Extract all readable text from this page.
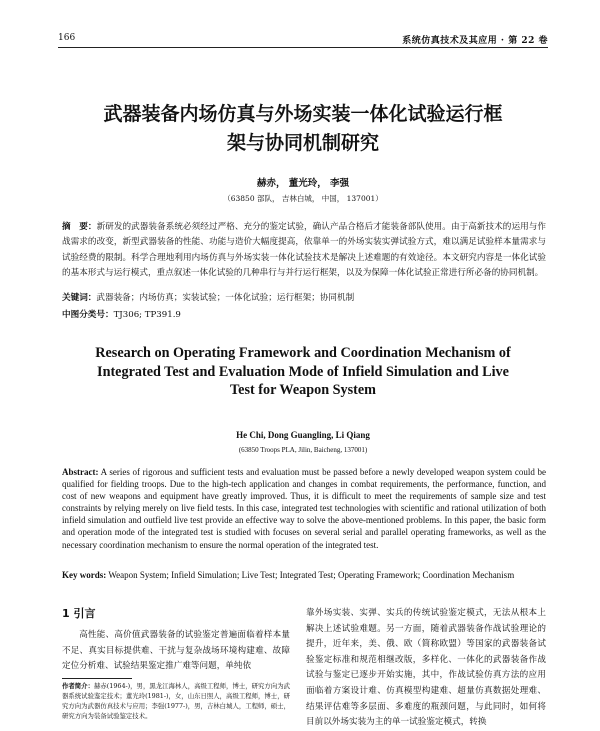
166	系统仿真技术及其应用 · 第 22 卷
武器装备内场仿真与外场实装一体化试验运行框
架与协同机制研究
赫赤， 董光玲， 李强
（63850 部队， 吉林白城， 中国， 137001）
摘　要：新研发的武器装备系统必须经过严格、充分的鉴定试验，确认产品合格后才能装备部队使用。由于高新技术的运用与作战需求的改变，新型武器装备的性能、功能与造价大幅度提高，依靠单一的外场实装实弹试验方式，难以满足试验样本量需求与试验经费的限制。科学合理地利用内场仿真与外场实装一体化试验技术是解决上述难题的有效途径。本文研究内容是一体化试验的基本形式与运行模式，重点叙述一体化试验的几种串行与并行运行框架，以及为保障一体化试验正常进行所必备的协同机制。
关键词：武器装备；内场仿真；实装试验；一体化试验；运行框架；协同机制
中图分类号：TJ306; TP391.9
Research on Operating Framework and Coordination Mechanism of
Integrated Test and Evaluation Mode of Infield Simulation and Live
Test for Weapon System
He Chi, Dong Guangling, Li Qiang
(63850 Troops PLA, Jilin, Baicheng, 137001)
Abstract: A series of rigorous and sufficient tests and evaluation must be passed before a newly developed weapon system could be qualified for fielding troops. Due to the high-tech application and changes in combat requirements, the performance, function, and cost of new weapons and equipment have greatly improved. Thus, it is difficult to meet the requirements of sample size and test constraints by relying merely on live field tests. In this case, integrated test technologies with scientific and rational utilization of both infield simulation and outfield live test provide an effective way to solve the above-mentioned problems. In this paper, the basic form and operation mode of the integrated test is studied with focuses on several serial and parallel operating frameworks, as well as the necessary coordination mechanism to ensure the normal operation of the integrated test.
Key words: Weapon System; Infield Simulation; Live Test; Integrated Test; Operating Framework; Coordination Mechanism
1 引言
高性能、高价值武器装备的试验鉴定普遍面临着样本量不足、真实目标提供难、干扰与复杂战场环境构建难、故障定位分析难、试验结果鉴定推广难等问题，单纯依
作者简介：赫赤(1964-)，男，黑龙江海林人，高级工程师，博士，研究方向为武器系统试验鉴定技术；董光玲(1981-)，女，山东日照人，高级工程师，博士，研究方向为武器仿真技术与应用；李强(1977-)，男，吉林白城人，工程师，硕士，研究方向为装备试验鉴定技术。
靠外场实装、实弹、实兵的传统试验鉴定模式，无法从根本上解决上述试验难题。另一方面，随着武器装备作战试验理论的提升，近年来，美、俄、欧（简称欧盟）等国家的武器装备试验鉴定标准和规范相继改版，多样化、一体化的武器装备作战试验与鉴定已逐步开始实施，其中，作战试验仿真方法的应用面临着方案设计难、仿真模型构建难、超量仿真数据处理难、结果评估难等多层面、多难度的瓶颈问题，与此同时，如何将目前以外场实装为主的单一试验鉴定模式，转换
